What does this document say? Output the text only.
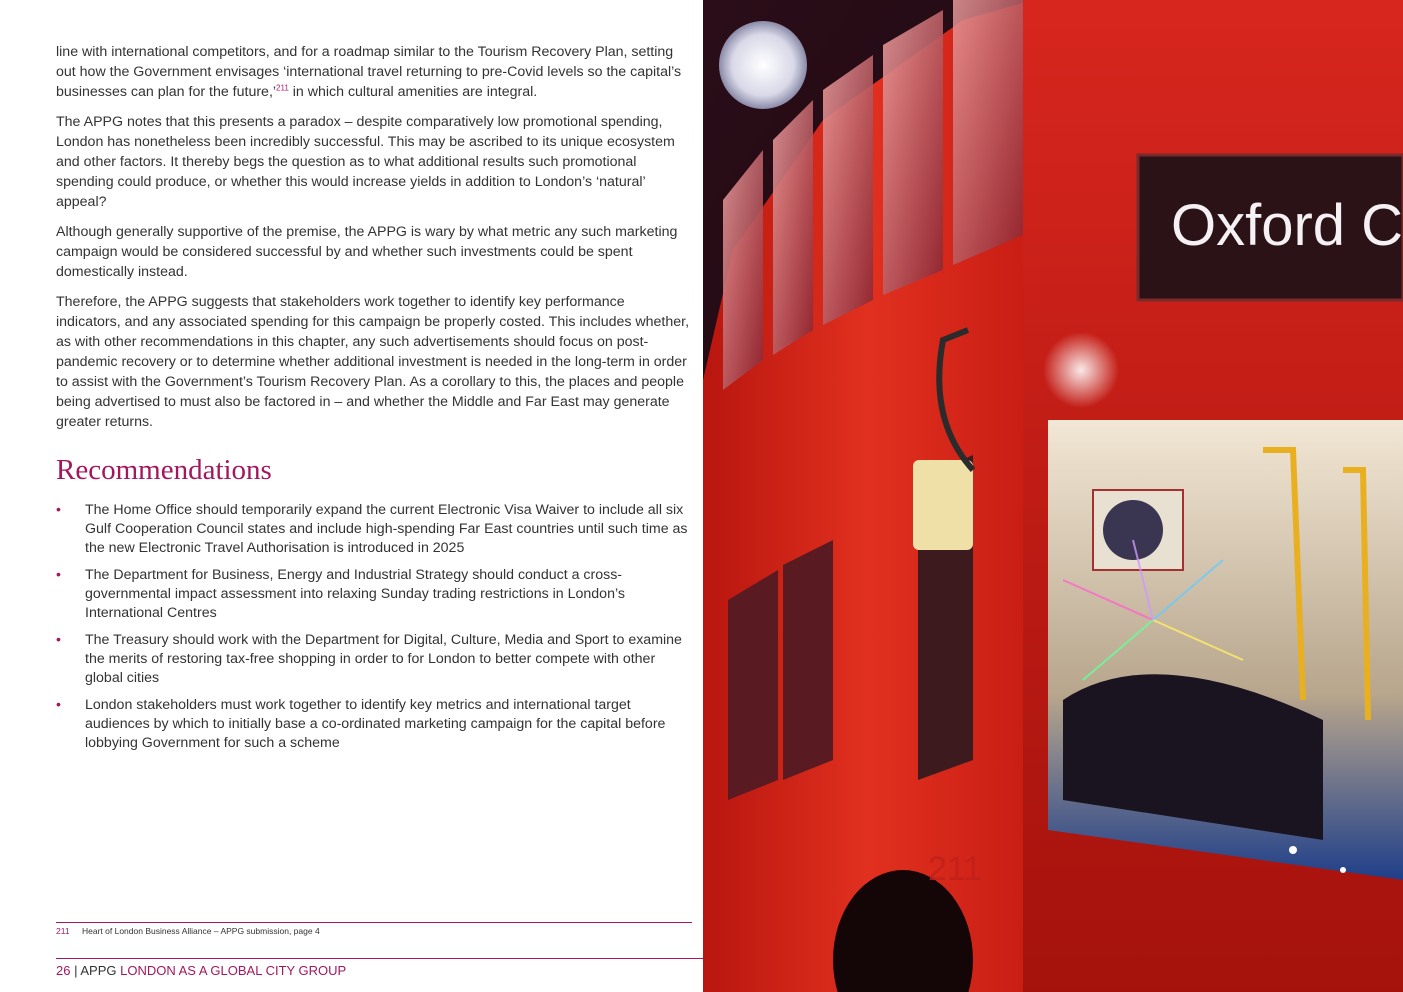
line with international competitors, and for a roadmap similar to the Tourism Recovery Plan, setting out how the Government envisages ‘international travel returning to pre-Covid levels so the capital’s businesses can plan for the future,’$^{211}$ in which cultural amenities are integral.

The APPG notes that this presents a paradox – despite comparatively low promotional spending, London has nonetheless been incredibly successful. This may be ascribed to its unique ecosystem and other factors. It thereby begs the question as to what additional results such promotional spending could produce, or whether this would increase yields in addition to London’s ‘natural’ appeal?

Although generally supportive of the premise, the APPG is wary by what metric any such marketing campaign would be considered successful by and whether such investments could be spent domestically instead.

Therefore, the APPG suggests that stakeholders work together to identify key performance indicators, and any associated spending for this campaign be properly costed. This includes whether, as with other recommendations in this chapter, any such advertisements should focus on post-pandemic recovery or to determine whether additional investment is needed in the long-term in order to assist with the Government’s Tourism Recovery Plan. As a corollary to this, the places and people being advertised to must also be factored in – and whether the Middle and Far East may generate greater returns.

Recommendations
• The Home Office should temporarily expand the current Electronic Visa Waiver to include all six Gulf Cooperation Council states and include high-spending Far East countries until such time as the new Electronic Travel Authorisation is introduced in 2025
• The Department for Business, Energy and Industrial Strategy should conduct a cross-governmental impact assessment into relaxing Sunday trading restrictions in London’s International Centres
• The Treasury should work with the Department for Digital, Culture, Media and Sport to examine the merits of restoring tax-free shopping in order to for London to better compete with other global cities
• London stakeholders must work together to identify key metrics and international target audiences by which to initially base a co-ordinated marketing campaign for the capital before lobbying Government for such a scheme
211 Heart of London Business Alliance – APPG submission, page 4
26 | APPG LONDON AS A GLOBAL CITY GROUP
Oxford C
211
